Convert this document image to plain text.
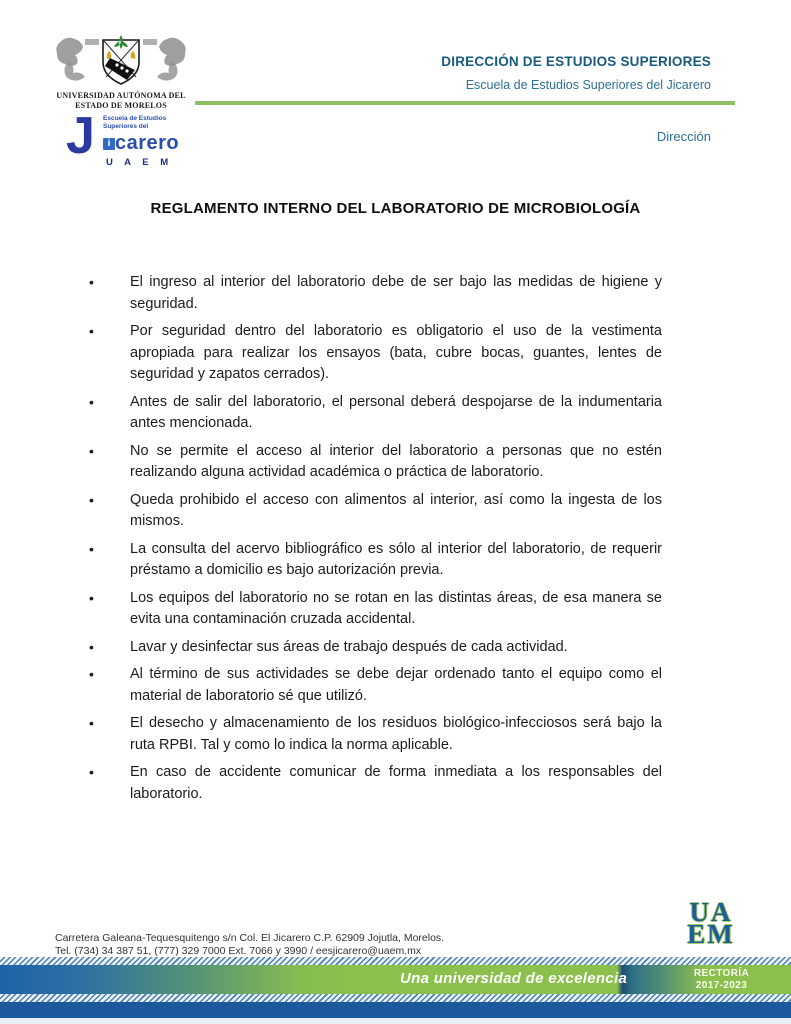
UNIVERSIDAD AUTÓNOMA DEL
ESTADO DE MORELOS
J Escuela de Estudios
Superiores del
i carero
U A E M
DIRECCIÓN DE ESTUDIOS SUPERIORES
Escuela de Estudios Superiores del Jicarero
Dirección
REGLAMENTO INTERNO DEL LABORATORIO DE MICROBIOLOGÍA
• El ingreso al interior del laboratorio debe de ser bajo las medidas de higiene y seguridad.
• Por seguridad dentro del laboratorio es obligatorio el uso de la vestimenta apropiada para realizar los ensayos (bata, cubre bocas, guantes, lentes de seguridad y zapatos cerrados).
• Antes de salir del laboratorio, el personal deberá despojarse de la indumentaria antes mencionada.
• No se permite el acceso al interior del laboratorio a personas que no estén realizando alguna actividad académica o práctica de laboratorio.
• Queda prohibido el acceso con alimentos al interior, así como la ingesta de los mismos.
• La consulta del acervo bibliográfico es sólo al interior del laboratorio, de requerir préstamo a domicilio es bajo autorización previa.
• Los equipos del laboratorio no se rotan en las distintas áreas, de esa manera se evita una contaminación cruzada accidental.
• Lavar y desinfectar sus áreas de trabajo después de cada actividad.
• Al término de sus actividades se debe dejar ordenado tanto el equipo como el material de laboratorio sé que utilizó.
• El desecho y almacenamiento de los residuos biológico-infecciosos será bajo la ruta RPBI. Tal y como lo indica la norma aplicable.
• En caso de accidente comunicar de forma inmediata a los responsables del laboratorio.
Carretera Galeana-Tequesquitengo s/n Col. El Jicarero C.P. 62909 Jojutla, Morelos.
Tel. (734) 34 387 51, (777) 329 7000 Ext. 7066 y 3990 / eesjicarero@uaem.mx
UA
EM
Una universidad de excelencia	RECTORÍA
2017-2023
